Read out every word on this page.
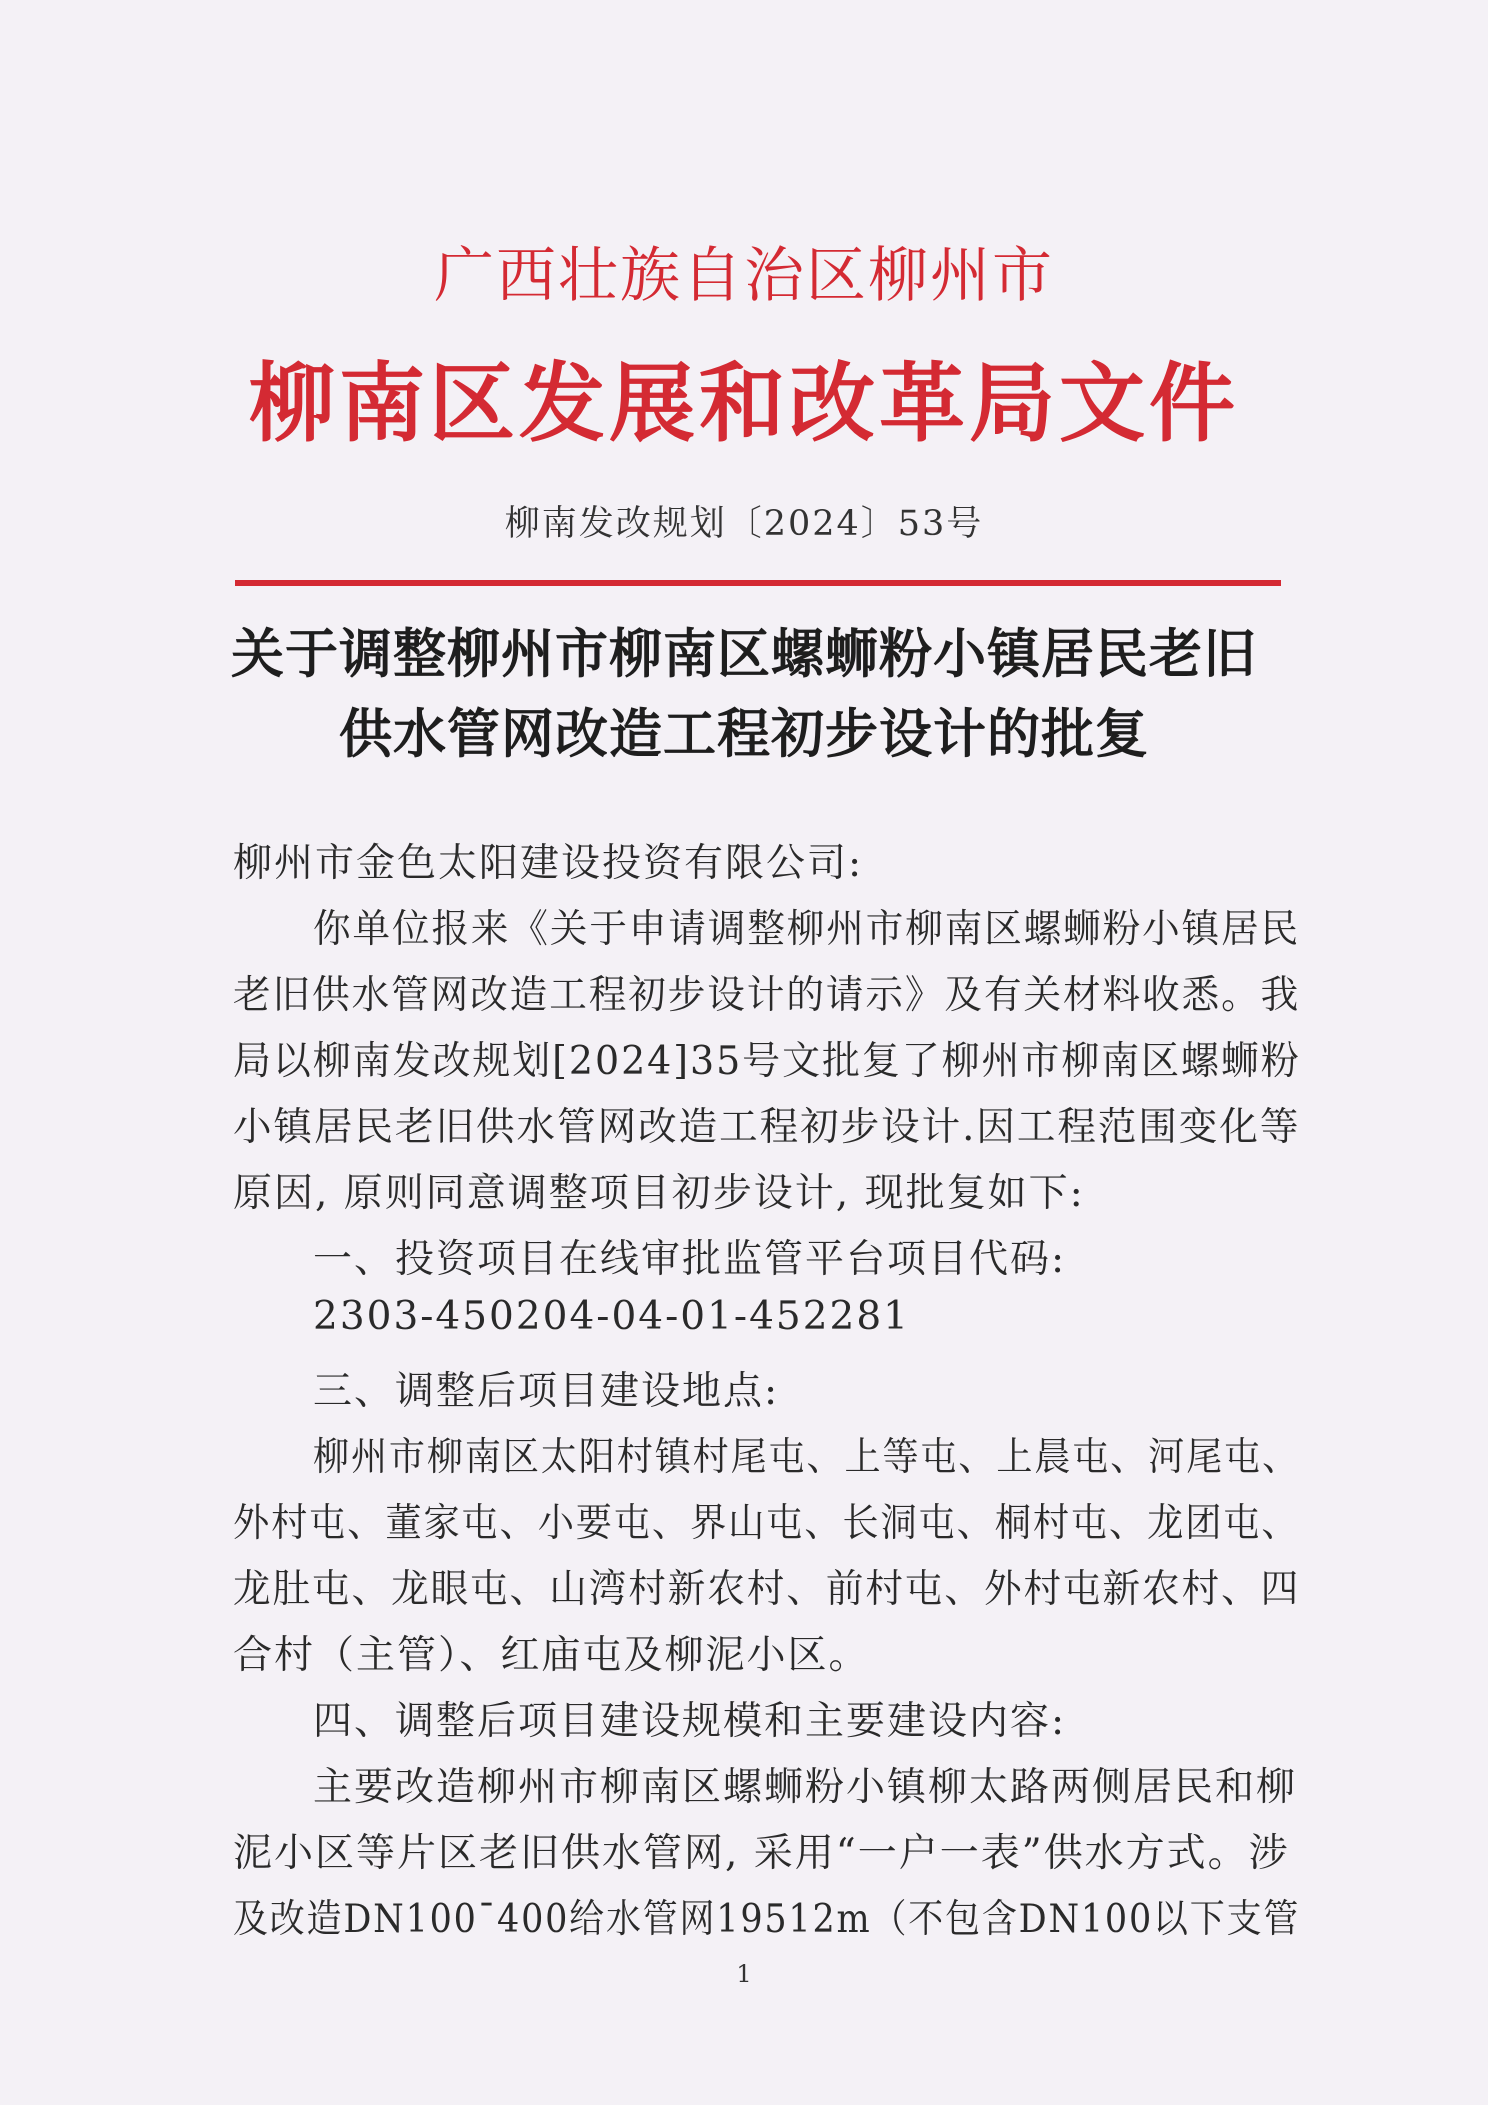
广西壮族自治区柳州市
柳南区发展和改革局文件
柳南发改规划〔2024〕53号
关于调整柳州市柳南区螺蛳粉小镇居民老旧
供水管网改造工程初步设计的批复
柳州市金色太阳建设投资有限公司:
你单位报来《关于申请调整柳州市柳南区螺蛳粉小镇居民
老旧供水管网改造工程初步设计的请示》及有关材料收悉。我
局以柳南发改规划[2024]35号文批复了柳州市柳南区螺蛳粉
小镇居民老旧供水管网改造工程初步设计.因工程范围变化等
原因, 原则同意调整项目初步设计, 现批复如下:
一、投资项目在线审批监管平台项目代码:
2303-450204-04-01-452281
三、调整后项目建设地点:
柳州市柳南区太阳村镇村尾屯、上等屯、上晨屯、河尾屯、
外村屯、董家屯、小要屯、界山屯、长洞屯、桐村屯、龙团屯、
龙肚屯、龙眼屯、山湾村新农村、前村屯、外村屯新农村、四
合村（主管）、红庙屯及柳泥小区。
四、调整后项目建设规模和主要建设内容:
主要改造柳州市柳南区螺蛳粉小镇柳太路两侧居民和柳
泥小区等片区老旧供水管网, 采用“一户一表”供水方式。涉
及改造DN100¯400给水管网19512m（不包含DN100以下支管
1
